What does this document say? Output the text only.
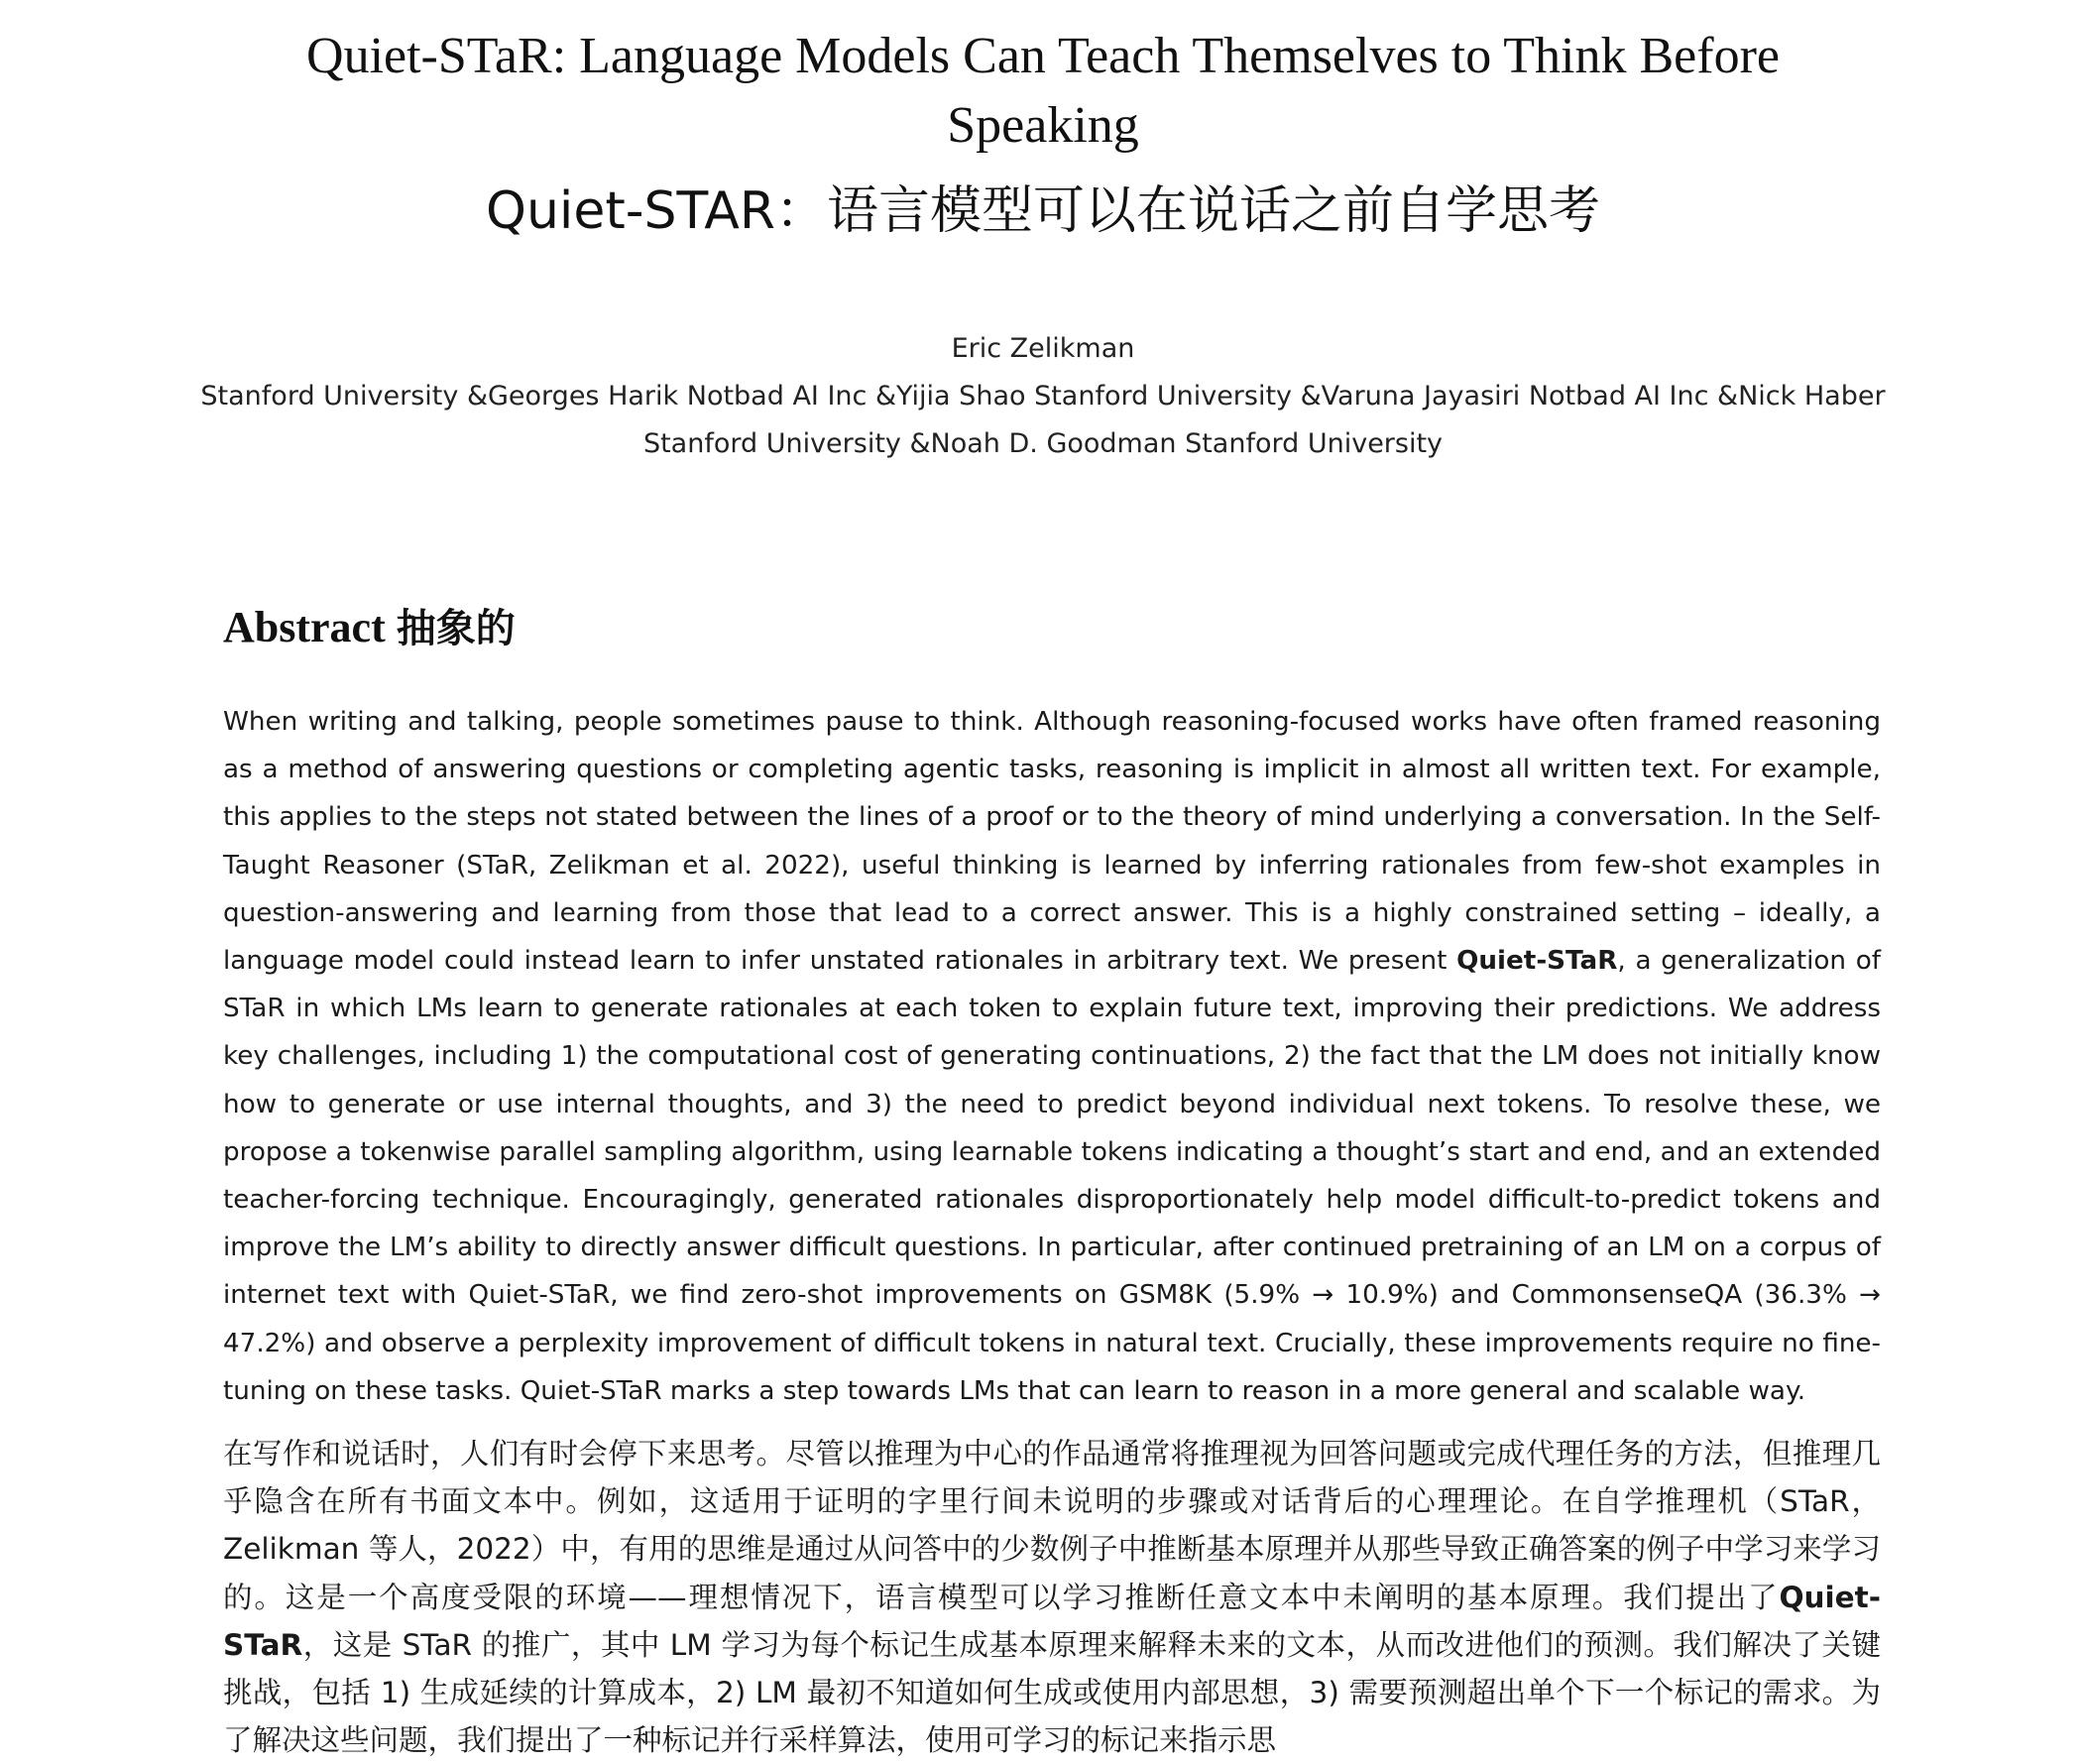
Quiet-STaR: Language Models Can Teach Themselves to Think Before Speaking
Quiet-STAR：语言模型可以在说话之前自学思考
Eric Zelikman
Stanford University &Georges Harik Notbad AI Inc &Yijia Shao Stanford University &Varuna Jayasiri Notbad AI Inc &Nick Haber
Stanford University &Noah D. Goodman Stanford University
Abstract 抽象的

When writing and talking, people sometimes pause to think. Although reasoning-focused works have often framed reasoning as a method of answering questions or completing agentic tasks, reasoning is implicit in almost all written text. For example, this applies to the steps not stated between the lines of a proof or to the theory of mind underlying a conversation. In the Self-Taught Reasoner (STaR, Zelikman et al. 2022), useful thinking is learned by inferring rationales from few-shot examples in question-answering and learning from those that lead to a correct answer. This is a highly constrained setting – ideally, a language model could instead learn to infer unstated rationales in arbitrary text. We present Quiet-STaR, a generalization of STaR in which LMs learn to generate rationales at each token to explain future text, improving their predictions. We address key challenges, including 1) the computational cost of generating continuations, 2) the fact that the LM does not initially know how to generate or use internal thoughts, and 3) the need to predict beyond individual next tokens. To resolve these, we propose a tokenwise parallel sampling algorithm, using learnable tokens indicating a thought’s start and end, and an extended teacher-forcing technique. Encouragingly, generated rationales disproportionately help model difficult-to-predict tokens and improve the LM’s ability to directly answer difficult questions. In particular, after continued pretraining of an LM on a corpus of internet text with Quiet-STaR, we find zero-shot improvements on GSM8K (5.9% → 10.9%) and CommonsenseQA (36.3% → 47.2%) and observe a perplexity improvement of difficult tokens in natural text. Crucially, these improvements require no fine-tuning on these tasks. Quiet-STaR marks a step towards LMs that can learn to reason in a more general and scalable way.

在写作和说话时，人们有时会停下来思考。尽管以推理为中心的作品通常将推理视为回答问题或完成代理任务的方法，但推理几乎隐含在所有书面文本中。例如，这适用于证明的字里行间未说明的步骤或对话背后的心理理论。在自学推理机（STaR，Zelikman 等人，2022）中，有用的思维是通过从问答中的少数例子中推断基本原理并从那些导致正确答案的例子中学习来学习的。这是一个高度受限的环境——理想情况下，语言模型可以学习推断任意文本中未阐明的基本原理。我们提出了Quiet-STaR，这是 STaR 的推广，其中 LM 学习为每个标记生成基本原理来解释未来的文本，从而改进他们的预测。我们解决了关键挑战，包括 1) 生成延续的计算成本，2) LM 最初不知道如何生成或使用内部思想，3) 需要预测超出单个下一个标记的需求。为了解决这些问题，我们提出了一种标记并行采样算法，使用可学习的标记来指示思
